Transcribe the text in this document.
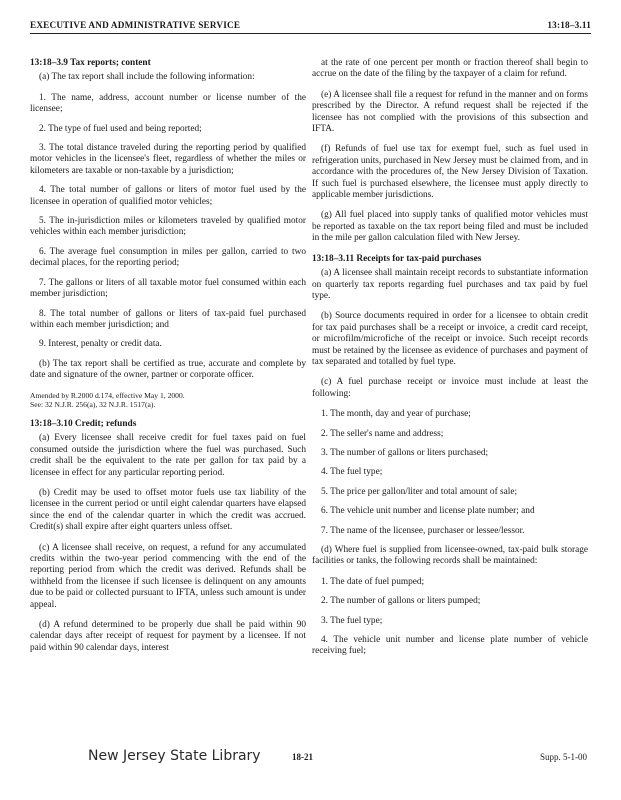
EXECUTIVE AND ADMINISTRATIVE SERVICE	13:18–3.11
13:18–3.9 Tax reports; content

(a) The tax report shall include the following information:

1. The name, address, account number or license number of the licensee;

2. The type of fuel used and being reported;

3. The total distance traveled during the reporting period by qualified motor vehicles in the licensee's fleet, regardless of whether the miles or kilometers are taxable or non-taxable by a jurisdiction;

4. The total number of gallons or liters of motor fuel used by the licensee in operation of qualified motor vehicles;

5. The in-jurisdiction miles or kilometers traveled by qualified motor vehicles within each member jurisdiction;

6. The average fuel consumption in miles per gallon, carried to two decimal places, for the reporting period;

7. The gallons or liters of all taxable motor fuel consumed within each member jurisdiction;

8. The total number of gallons or liters of tax-paid fuel purchased within each member jurisdiction; and

9. Interest, penalty or credit data.

(b) The tax report shall be certified as true, accurate and complete by date and signature of the owner, partner or corporate officer.

Amended by R.2000 d.174, effective May 1, 2000.
See: 32 N.J.R. 256(a), 32 N.J.R. 1517(a).

13:18–3.10 Credit; refunds

(a) Every licensee shall receive credit for fuel taxes paid on fuel consumed outside the jurisdiction where the fuel was purchased. Such credit shall be the equivalent to the rate per gallon for tax paid by a licensee in effect for any particular reporting period.

(b) Credit may be used to offset motor fuels use tax liability of the licensee in the current period or until eight calendar quarters have elapsed since the end of the calendar quarter in which the credit was accrued. Credit(s) shall expire after eight quarters unless offset.

(c) A licensee shall receive, on request, a refund for any accumulated credits within the two-year period commencing with the end of the reporting period from which the credit was derived. Refunds shall be withheld from the licensee if such licensee is delinquent on any amounts due to be paid or collected pursuant to IFTA, unless such amount is under appeal.

(d) A refund determined to be properly due shall be paid within 90 calendar days after receipt of request for payment by a licensee. If not paid within 90 calendar days, interest

at the rate of one percent per month or fraction thereof shall begin to accrue on the date of the filing by the taxpayer of a claim for refund.

(e) A licensee shall file a request for refund in the manner and on forms prescribed by the Director. A refund request shall be rejected if the licensee has not complied with the provisions of this subsection and IFTA.

(f) Refunds of fuel use tax for exempt fuel, such as fuel used in refrigeration units, purchased in New Jersey must be claimed from, and in accordance with the procedures of, the New Jersey Division of Taxation. If such fuel is purchased elsewhere, the licensee must apply directly to applicable member jurisdictions.

(g) All fuel placed into supply tanks of qualified motor vehicles must be reported as taxable on the tax report being filed and must be included in the mile per gallon calculation filed with New Jersey.

13:18–3.11 Receipts for tax-paid purchases

(a) A licensee shall maintain receipt records to substantiate information on quarterly tax reports regarding fuel purchases and tax paid by fuel type.

(b) Source documents required in order for a licensee to obtain credit for tax paid purchases shall be a receipt or invoice, a credit card receipt, or microfilm/microfiche of the receipt or invoice. Such receipt records must be retained by the licensee as evidence of purchases and payment of tax separated and totalled by fuel type.

(c) A fuel purchase receipt or invoice must include at least the following:

1. The month, day and year of purchase;

2. The seller's name and address;

3. The number of gallons or liters purchased;

4. The fuel type;

5. The price per gallon/liter and total amount of sale;

6. The vehicle unit number and license plate number; and

7. The name of the licensee, purchaser or lessee/lessor.

(d) Where fuel is supplied from licensee-owned, tax-paid bulk storage facilities or tanks, the following records shall be maintained:

1. The date of fuel pumped;

2. The number of gallons or liters pumped;

3. The fuel type;

4. The vehicle unit number and license plate number of vehicle receiving fuel;

New Jersey State Library	18-21	Supp. 5-1-00
